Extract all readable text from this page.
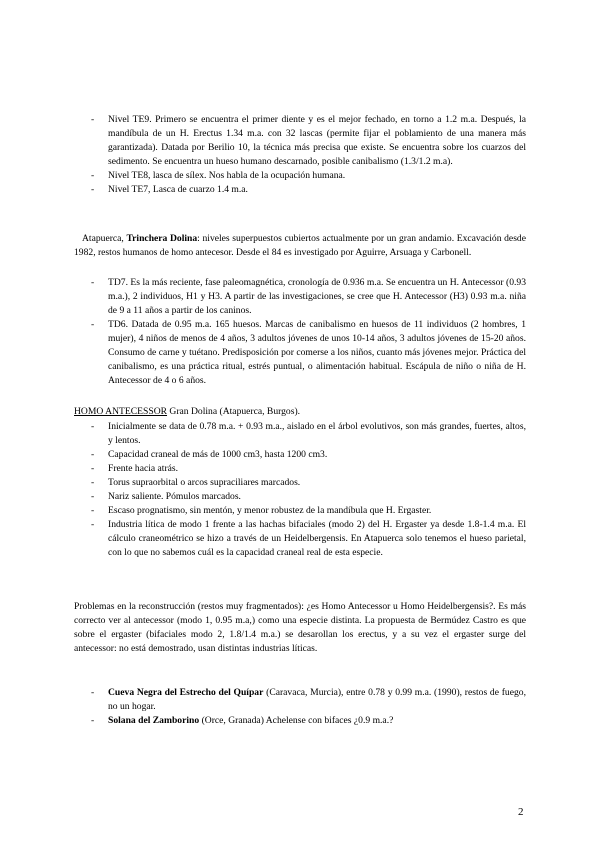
- Nivel TE9. Primero se encuentra el primer diente y es el mejor fechado, en torno a 1.2 m.a. Después, la mandíbula de un H. Erectus 1.34 m.a. con 32 lascas (permite fijar el poblamiento de una manera más garantizada). Datada por Berilio 10, la técnica más precisa que existe. Se encuentra sobre los cuarzos del sedimento. Se encuentra un hueso humano descarnado, posible canibalismo (1.3/1.2 m.a).
- Nivel TE8, lasca de sílex. Nos habla de la ocupación humana.
- Nivel TE7, Lasca de cuarzo 1.4 m.a.

Atapuerca, Trinchera Dolina: niveles superpuestos cubiertos actualmente por un gran andamio. Excavación desde 1982, restos humanos de homo antecesor. Desde el 84 es investigado por Aguirre, Arsuaga y Carbonell.

- TD7. Es la más reciente, fase paleomagnética, cronología de 0.936 m.a. Se encuentra un H. Antecessor (0.93 m.a.), 2 individuos, H1 y H3. A partir de las investigaciones, se cree que H. Antecessor (H3) 0.93 m.a. niña de 9 a 11 años a partir de los caninos.
- TD6. Datada de 0.95 m.a. 165 huesos. Marcas de canibalismo en huesos de 11 individuos (2 hombres, 1 mujer), 4 niños de menos de 4 años, 3 adultos jóvenes de unos 10-14 años, 3 adultos jóvenes de 15-20 años. Consumo de carne y tuétano. Predisposición por comerse a los niños, cuanto más jóvenes mejor. Práctica del canibalismo, es una práctica ritual, estrés puntual, o alimentación habitual. Escápula de niño o niña de H. Antecessor de 4 o 6 años.

HOMO ANTECESSOR Gran Dolina (Atapuerca, Burgos).

- Inicialmente se data de 0.78 m.a. + 0.93 m.a., aislado en el árbol evolutivos, son más grandes, fuertes, altos, y lentos.
- Capacidad craneal de más de 1000 cm3, hasta 1200 cm3.
- Frente hacia atrás.
- Torus supraorbital o arcos supraciliares marcados.
- Nariz saliente. Pómulos marcados.
- Escaso prognatismo, sin mentón, y menor robustez de la mandíbula que H. Ergaster.
- Industria lítica de modo 1 frente a las hachas bifaciales (modo 2) del H. Ergaster ya desde 1.8-1.4 m.a. El cálculo craneométrico se hizo a través de un Heidelbergensis. En Atapuerca solo tenemos el hueso parietal, con lo que no sabemos cuál es la capacidad craneal real de esta especie.

Problemas en la reconstrucción (restos muy fragmentados): ¿es Homo Antecessor u Homo Heidelbergensis?. Es más correcto ver al antecessor (modo 1, 0.95 m.a,) como una especie distinta. La propuesta de Bermúdez Castro es que sobre el ergaster (bifaciales modo 2, 1.8/1.4 m.a.) se desarollan los erectus, y a su vez el ergaster surge del antecessor: no está demostrado, usan distintas industrias líticas.

- Cueva Negra del Estrecho del Quípar (Caravaca, Murcia), entre 0.78 y 0.99 m.a. (1990), restos de fuego, no un hogar.
- Solana del Zamborino (Orce, Granada) Achelense con bifaces ¿0.9 m.a.?
2
